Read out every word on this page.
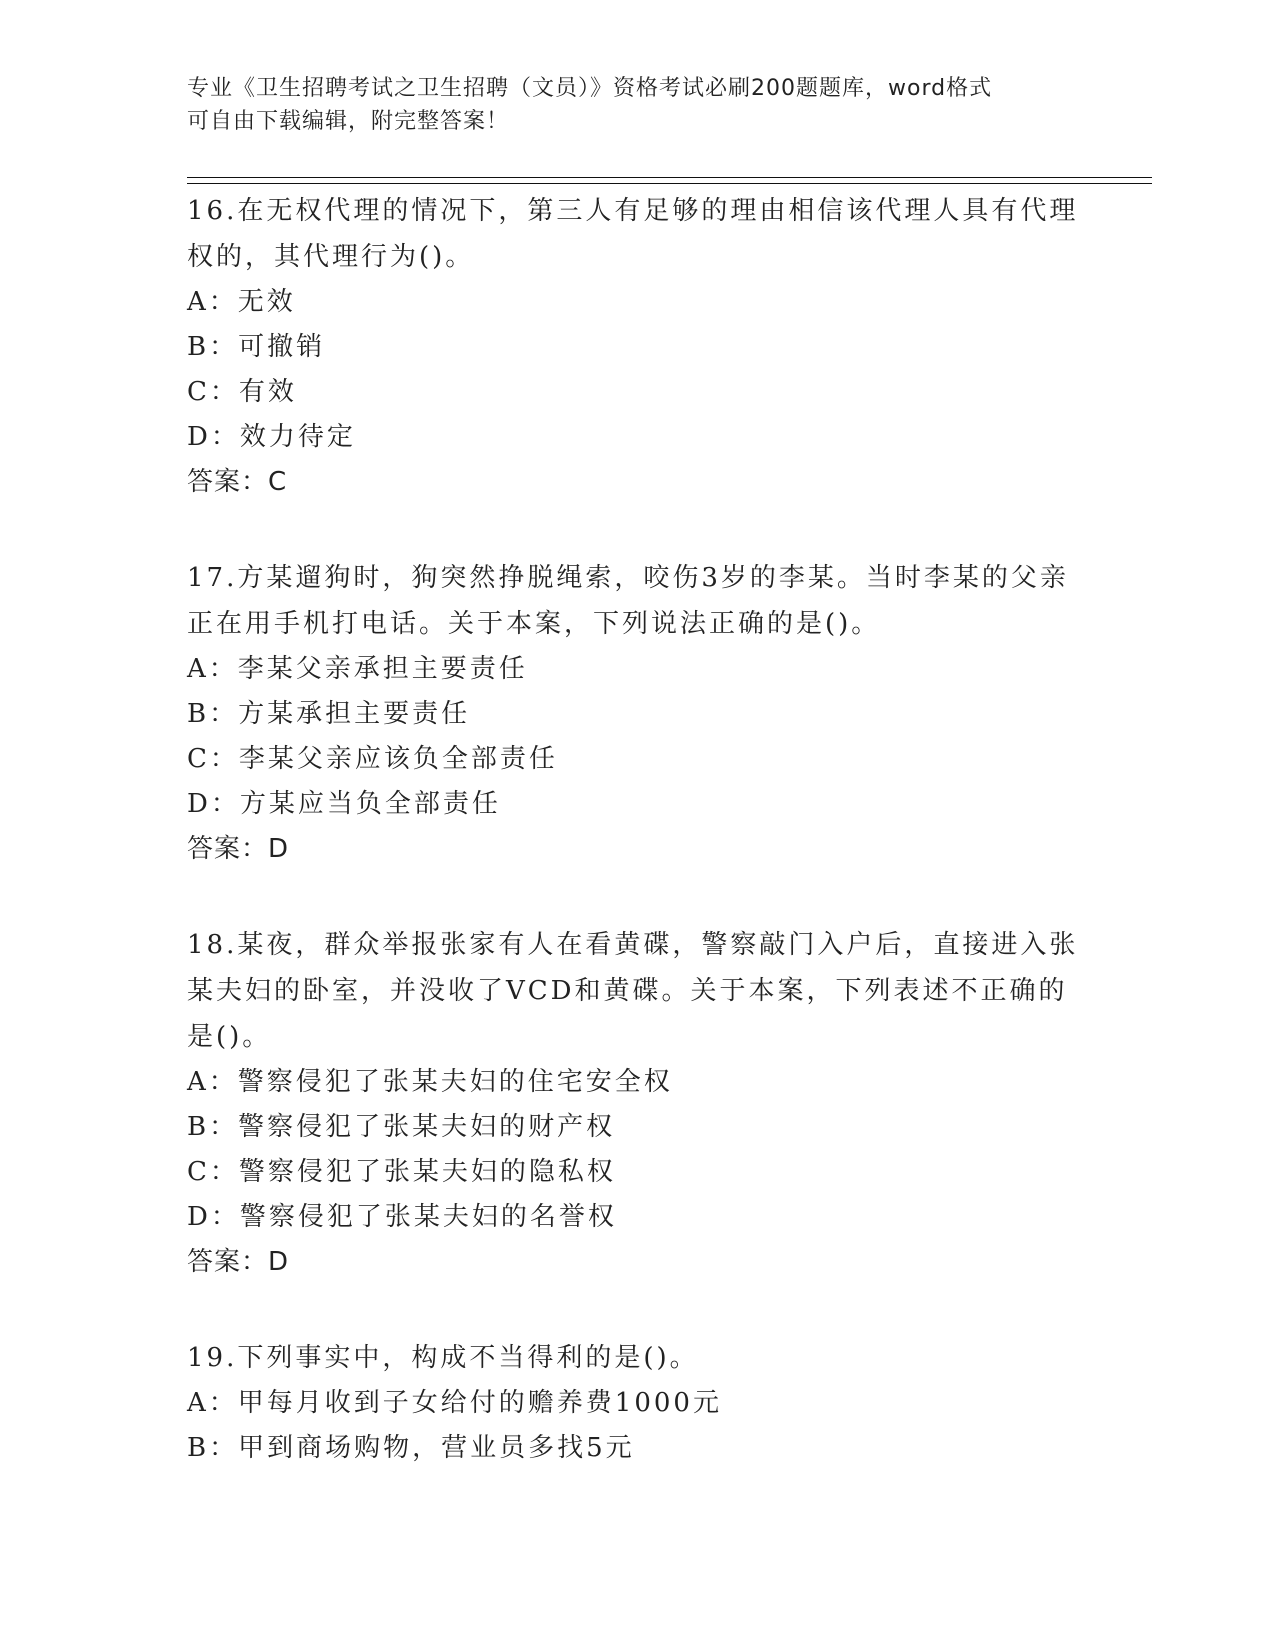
专业《卫生招聘考试之卫生招聘（文员）》资格考试必刷200题题库，word格式
可自由下载编辑，附完整答案！

16.在无权代理的情况下，第三人有足够的理由相信该代理人具有代理权的，其代理行为()。

A：无效

B：可撤销

C：有效

D：效力待定

答案：C

17.方某遛狗时，狗突然挣脱绳索，咬伤3岁的李某。当时李某的父亲正在用手机打电话。关于本案，下列说法正确的是()。

A：李某父亲承担主要责任

B：方某承担主要责任

C：李某父亲应该负全部责任

D：方某应当负全部责任

答案：D

18.某夜，群众举报张家有人在看黄碟，警察敲门入户后，直接进入张某夫妇的卧室，并没收了VCD和黄碟。关于本案，下列表述不正确的是()。

A：警察侵犯了张某夫妇的住宅安全权

B：警察侵犯了张某夫妇的财产权

C：警察侵犯了张某夫妇的隐私权

D：警察侵犯了张某夫妇的名誉权

答案：D

19.下列事实中，构成不当得利的是()。

A：甲每月收到子女给付的赡养费1000元

B：甲到商场购物，营业员多找5元
